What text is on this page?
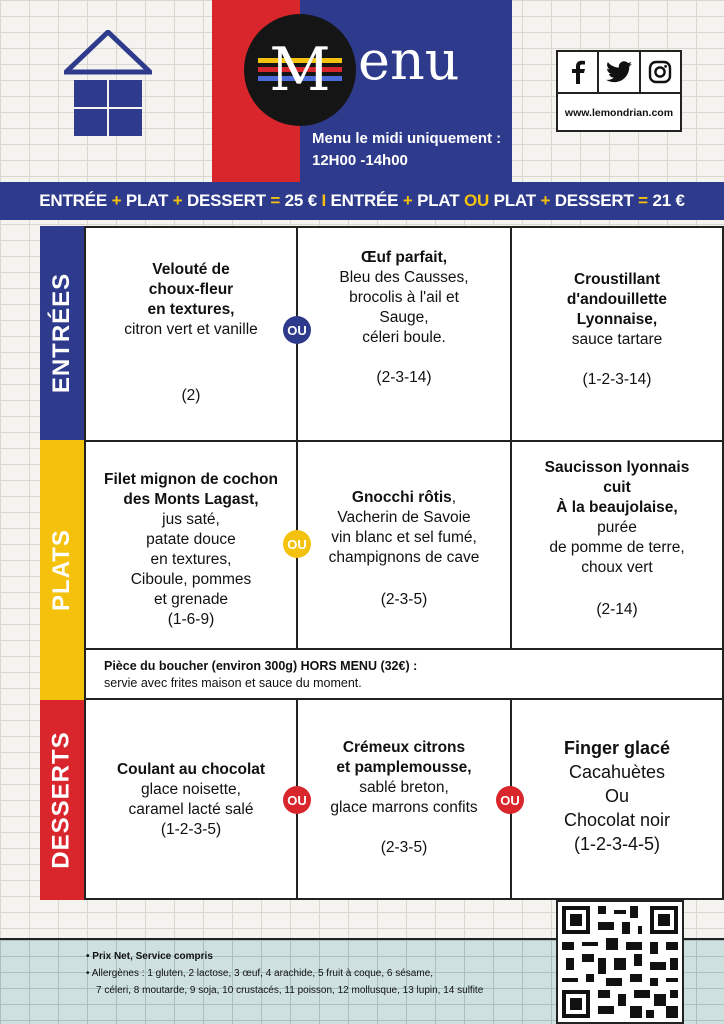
M enu
Menu le midi uniquement :
12H00 -14h00
www.lemondrian.com
ENTRÉE
+
PLAT
+
DESSERT
=
25 €
I
ENTRÉE
+
PLAT
OU
PLAT
+
DESSERT
=
21 €
ENTRÉES
PLATS
DESSERTS
Velouté de
choux-fleur
en textures,
citron vert et vanille
(2)
Œuf parfait,
Bleu des Causses,
brocolis à l'ail et
Sauge,
céleri boule.
(2-3-14)
Croustillant
d'andouillette
Lyonnaise,
sauce tartare
(1-2-3-14)
OU
Filet mignon de cochon
des Monts Lagast,
jus saté,
patate douce
en textures,
Ciboule, pommes
et grenade
(1-6-9)
Gnocchi rôtis,
Vacherin de Savoie
vin blanc et sel fumé,
champignons de cave
(2-3-5)
Saucisson lyonnais
cuit
À la beaujolaise,
purée
de pomme de terre,
choux vert
(2-14)
OU
Pièce du boucher (environ 300g) HORS MENU (32€) :
servie avec frites maison et sauce du moment.
Coulant au chocolat
glace noisette,
caramel lacté salé
(1-2-3-5)
Crémeux citrons
et pamplemousse,
sablé breton,
glace marrons confits
(2-3-5)
Finger glacé
Cacahuètes
Ou
Chocolat noir
(1-2-3-4-5)
OU	OU
• Prix Net, Service compris
• Allergènes : 1 gluten, 2 lactose, 3 œuf, 4 arachide, 5 fruit à coque, 6 sésame,
7 céleri, 8 moutarde, 9 soja, 10 crustacés, 11 poisson, 12 mollusque, 13 lupin, 14 sulfite
